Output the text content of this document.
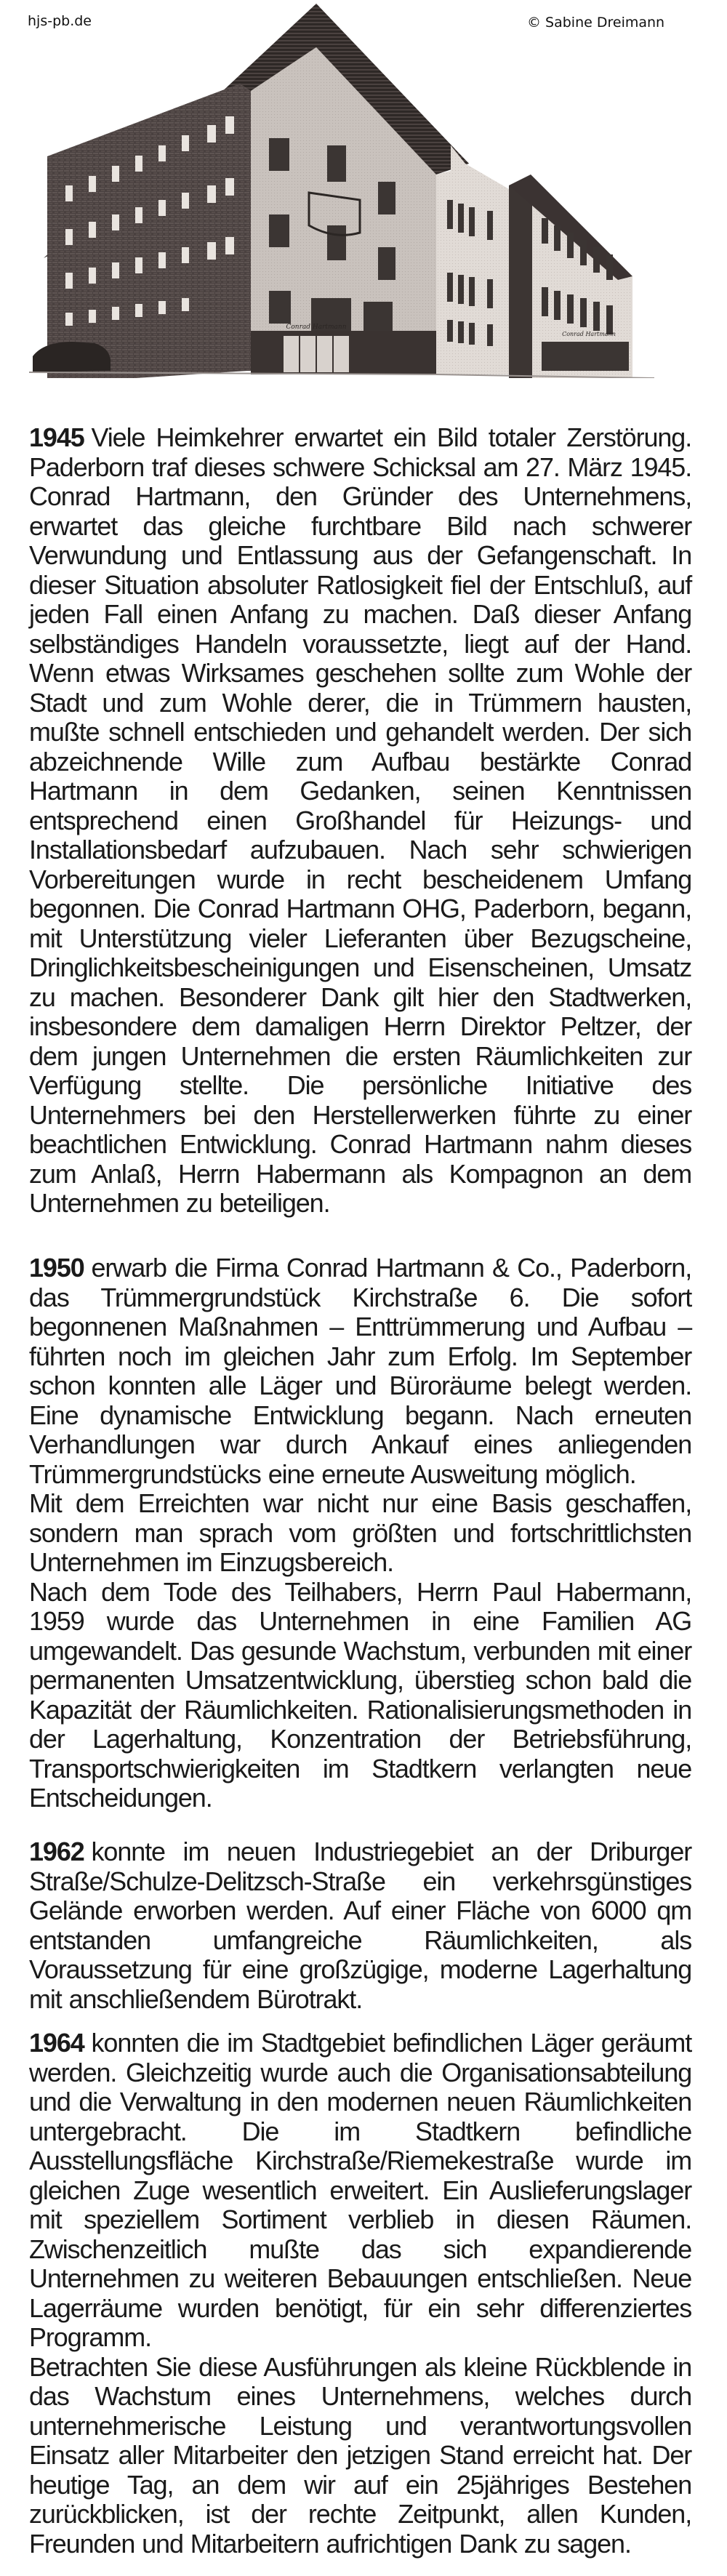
hjs-pb.de	© Sabine Dreimann
Conrad Hartmann
Conrad Hartmann

1945 Viele Heimkehrer erwartet ein Bild totaler Zerstörung. Paderborn traf dieses schwere Schicksal am 27. März 1945. Conrad Hartmann, den Gründer des Unternehmens, erwartet das gleiche furchtbare Bild nach schwerer Verwundung und Entlassung aus der Gefangenschaft. In dieser Situation absoluter Ratlosigkeit fiel der Entschluß, auf jeden Fall einen Anfang zu machen. Daß dieser Anfang selbständiges Handeln voraussetzte, liegt auf der Hand. Wenn etwas Wirksames geschehen sollte zum Wohle der Stadt und zum Wohle derer, die in Trümmern hausten, mußte schnell entschieden und gehandelt werden. Der sich abzeichnende Wille zum Aufbau bestärkte Conrad Hartmann in dem Gedanken, seinen Kenntnissen entsprechend einen Großhandel für Heizungs- und Installationsbedarf aufzubauen. Nach sehr schwierigen Vorbereitungen wurde in recht bescheidenem Umfang begonnen. Die Conrad Hartmann OHG, Paderborn, begann, mit Unterstützung vieler Lieferanten über Bezugscheine, Dringlichkeitsbescheinigungen und Eisenscheinen, Umsatz zu machen. Besonderer Dank gilt hier den Stadtwerken, insbesondere dem damaligen Herrn Direktor Peltzer, der dem jungen Unternehmen die ersten Räumlichkeiten zur Verfügung stellte. Die persönliche Initiative des Unternehmers bei den Herstellerwerken führte zu einer beachtlichen Entwicklung. Conrad Hartmann nahm dieses zum Anlaß, Herrn Habermann als Kompagnon an dem Unternehmen zu beteiligen.

1950 erwarb die Firma Conrad Hartmann & Co., Paderborn, das Trümmergrundstück Kirchstraße 6. Die sofort begonnenen Maßnahmen – Enttrümmerung und Aufbau – führten noch im gleichen Jahr zum Erfolg. Im September schon konnten alle Läger und Büroräume belegt werden. Eine dynamische Entwicklung begann. Nach erneuten Verhandlungen war durch Ankauf eines anliegenden Trümmergrundstücks eine erneute Ausweitung möglich.

Mit dem Erreichten war nicht nur eine Basis geschaffen, sondern man sprach vom größten und fortschrittlichsten Unternehmen im Einzugsbereich.

Nach dem Tode des Teilhabers, Herrn Paul Habermann, 1959 wurde das Unternehmen in eine Familien AG umgewandelt. Das gesunde Wachstum, verbunden mit einer permanenten Umsatzentwicklung, überstieg schon bald die Kapazität der Räumlichkeiten. Rationalisierungsmethoden in der Lagerhaltung, Konzentration der Betriebsführung, Transportschwierigkeiten im Stadtkern verlangten neue Entscheidungen.

1962 konnte im neuen Industriegebiet an der Driburger Straße/Schulze-Delitzsch-Straße ein verkehrsgünstiges Gelände erworben werden. Auf einer Fläche von 6000 qm entstanden umfangreiche Räumlichkeiten, als Voraussetzung für eine großzügige, moderne Lagerhaltung mit anschließendem Bürotrakt.

1964 konnten die im Stadtgebiet befindlichen Läger geräumt werden. Gleichzeitig wurde auch die Organisationsabteilung und die Verwaltung in den modernen neuen Räumlichkeiten untergebracht. Die im Stadtkern befindliche Ausstellungsfläche Kirchstraße/Riemekestraße wurde im gleichen Zuge wesentlich erweitert. Ein Auslieferungslager mit speziellem Sortiment verblieb in diesen Räumen. Zwischenzeitlich mußte das sich expandierende Unternehmen zu weiteren Bebauungen entschließen. Neue Lagerräume wurden benötigt, für ein sehr differenziertes Programm.

Betrachten Sie diese Ausführungen als kleine Rückblende in das Wachstum eines Unternehmens, welches durch unternehmerische Leistung und verantwortungsvollen Einsatz aller Mitarbeiter den jetzigen Stand erreicht hat. Der heutige Tag, an dem wir auf ein 25jähriges Bestehen zurückblicken, ist der rechte Zeitpunkt, allen Kunden, Freunden und Mitarbeitern aufrichtigen Dank zu sagen.
